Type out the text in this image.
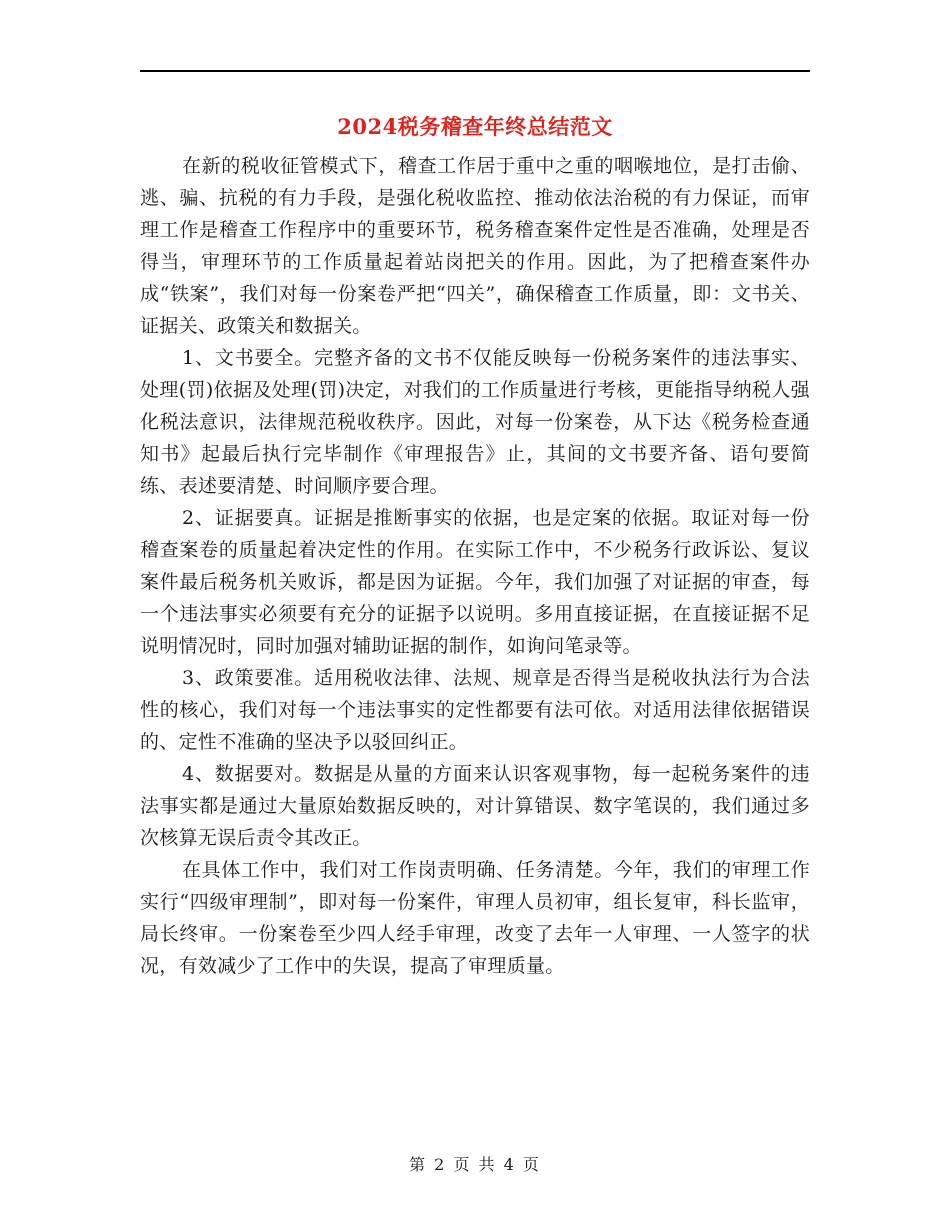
2024税务稽查年终总结范文

在新的税收征管模式下，稽查工作居于重中之重的咽喉地位，是打击偷、逃、骗、抗税的有力手段，是强化税收监控、推动依法治税的有力保证，而审理工作是稽查工作程序中的重要环节，税务稽查案件定性是否准确，处理是否得当，审理环节的工作质量起着站岗把关的作用。因此，为了把稽查案件办成“铁案”，我们对每一份案卷严把“四关”，确保稽查工作质量，即：文书关、证据关、政策关和数据关。

1、文书要全。完整齐备的文书不仅能反映每一份税务案件的违法事实、处理(罚)依据及处理(罚)决定，对我们的工作质量进行考核，更能指导纳税人强化税法意识，法律规范税收秩序。因此，对每一份案卷，从下达《税务检查通知书》起最后执行完毕制作《审理报告》止，其间的文书要齐备、语句要简练、表述要清楚、时间顺序要合理。

2、证据要真。证据是推断事实的依据，也是定案的依据。取证对每一份稽查案卷的质量起着决定性的作用。在实际工作中，不少税务行政诉讼、复议案件最后税务机关败诉，都是因为证据。今年，我们加强了对证据的审查，每一个违法事实必须要有充分的证据予以说明。多用直接证据，在直接证据不足说明情况时，同时加强对辅助证据的制作，如询问笔录等。

3、政策要准。适用税收法律、法规、规章是否得当是税收执法行为合法性的核心，我们对每一个违法事实的定性都要有法可依。对适用法律依据错误的、定性不准确的坚决予以驳回纠正。

4、数据要对。数据是从量的方面来认识客观事物，每一起税务案件的违法事实都是通过大量原始数据反映的，对计算错误、数字笔误的，我们通过多次核算无误后责令其改正。

在具体工作中，我们对工作岗责明确、任务清楚。今年，我们的审理工作实行“四级审理制”，即对每一份案件，审理人员初审，组长复审，科长监审，局长终审。一份案卷至少四人经手审理，改变了去年一人审理、一人签字的状况，有效减少了工作中的失误，提高了审理质量。

第 2 页 共 4 页
